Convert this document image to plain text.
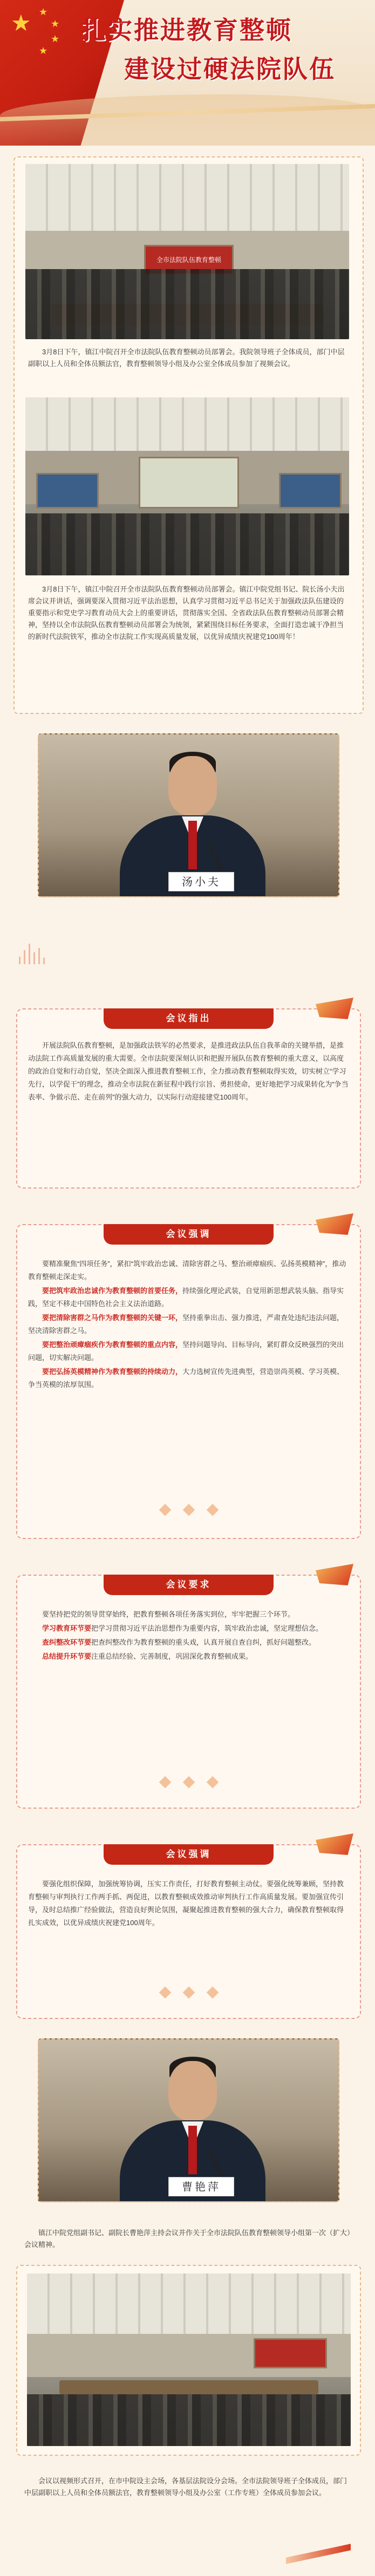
★ ★
★
★
★
扎实推进教育整顿
建设过硬法院队伍
全市法院队伍教育整顿

3月8日下午，镇江中院召开全市法院队伍教育整顿动员部署会。我院领导班子全体成员，部门中层副职以上人员和全体员额法官，教育整顿领导小组及办公室全体成员参加了视频会议。

3月8日下午，镇江中院召开全市法院队伍教育整顿动员部署会。镇江中院党组书记、院长汤小夫出席会议并讲话，强调要深入贯彻习近平法治思想，认真学习贯彻习近平总书记关于加强政法队伍建设的重要指示和党史学习教育动员大会上的重要讲话，贯彻落实全国、全省政法队伍教育整顿动员部署会精神，坚持以全市法院队伍教育整顿动员部署会为统领，紧紧围绕目标任务要求，全面打造忠诚干净担当的新时代法院铁军，推动全市法院工作实现高质量发展，以优异成绩庆祝建党100周年！

汤小夫
会议指出

开展法院队伍教育整顿，是加强政法铁军的必然要求，是推进政法队伍自我革命的关键举措，是推动法院工作高质量发展的重大需要。全市法院要深刻认识和把握开展队伍教育整顿的重大意义，以高度的政治自觉和行动自觉，坚决全面深入推进教育整顿工作，全力推动教育整顿取得实效，切实树立“学习先行，以学促干”的理念，推动全市法院在新征程中践行宗旨、勇担使命，更好地把学习成果转化为“争当表率、争做示范、走在前列”的强大动力，以实际行动迎接建党100周年。

会议强调

要精准聚焦“四项任务”，紧扣“筑牢政治忠诚、清除害群之马、整治顽瘴痼疾、弘扬英模精神”，推动教育整顿走深走实。

要把筑牢政治忠诚作为教育整顿的首要任务，持续强化理论武装，自觉用新思想武装头脑、指导实践，坚定不移走中国特色社会主义法治道路。

要把清除害群之马作为教育整顿的关键一环，坚持重拳出击、强力推进，严肃查处违纪违法问题，坚决清除害群之马。

要把整治顽瘴痼疾作为教育整顿的重点内容，坚持问题导向、目标导向，紧盯群众反映强烈的突出问题，切实解决问题。

要把弘扬英模精神作为教育整顿的持续动力，大力选树宣传先进典型，营造崇尚英模、学习英模、争当英模的浓厚氛围。

会议要求

要坚持把党的领导贯穿始终，把教育整顿各项任务落实到位，牢牢把握三个环节。

学习教育环节要把学习贯彻习近平法治思想作为重要内容，筑牢政治忠诚，坚定理想信念。

查纠整改环节要把查纠整改作为教育整顿的重头戏，认真开展自查自纠，抓好问题整改。

总结提升环节要注重总结经验、完善制度，巩固深化教育整顿成果。

会议强调

要强化组织保障，加强统筹协调，压实工作责任，打好教育整顿主动仗。要强化统筹兼顾，坚持教育整顿与审判执行工作两手抓、两促进，以教育整顿成效推动审判执行工作高质量发展。要加强宣传引导，及时总结推广经验做法，营造良好舆论氛围，凝聚起推进教育整顿的强大合力，确保教育整顿取得扎实成效，以优异成绩庆祝建党100周年。

曹艳萍

镇江中院党组副书记、副院长曹艳萍主持会议并作关于全市法院队伍教育整顿领导小组第一次（扩大）会议精神。

会议以视频形式召开，在市中院设主会场，各基层法院设分会场。全市法院领导班子全体成员，部门中层副职以上人员和全体员额法官，教育整顿领导小组及办公室（工作专班）全体成员参加会议。
